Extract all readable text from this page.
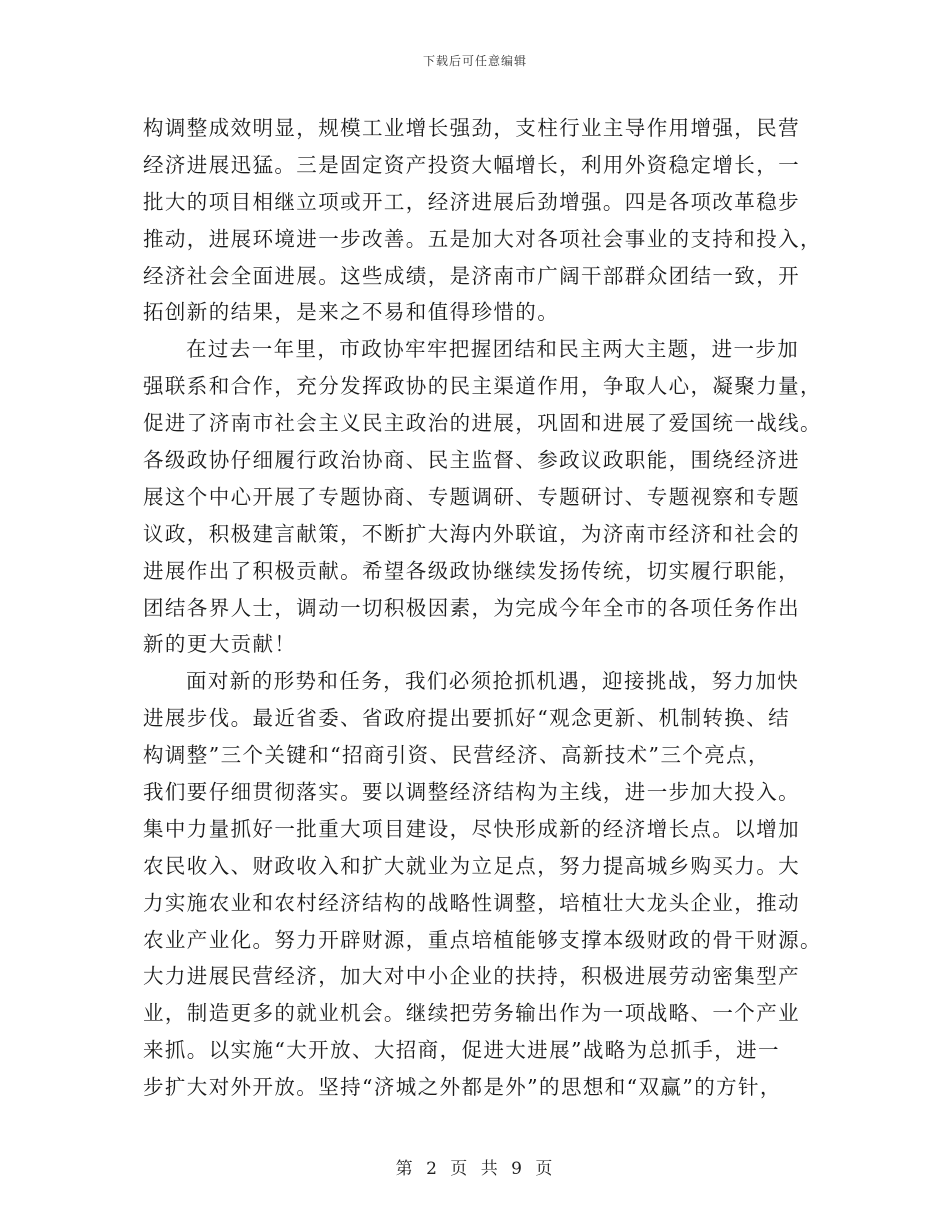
下载后可任意编辑
构调整成效明显，规模工业增长强劲，支柱行业主导作用增强，民营
经济进展迅猛。三是固定资产投资大幅增长，利用外资稳定增长，一
批大的项目相继立项或开工，经济进展后劲增强。四是各项改革稳步
推动，进展环境进一步改善。五是加大对各项社会事业的支持和投入，
经济社会全面进展。这些成绩，是济南市广阔干部群众团结一致，开
拓创新的结果，是来之不易和值得珍惜的。
在过去一年里，市政协牢牢把握团结和民主两大主题，进一步加
强联系和合作，充分发挥政协的民主渠道作用，争取人心，凝聚力量，
促进了济南市社会主义民主政治的进展，巩固和进展了爱国统一战线。
各级政协仔细履行政治协商、民主监督、参政议政职能，围绕经济进
展这个中心开展了专题协商、专题调研、专题研讨、专题视察和专题
议政，积极建言献策，不断扩大海内外联谊，为济南市经济和社会的
进展作出了积极贡献。希望各级政协继续发扬传统，切实履行职能，
团结各界人士，调动一切积极因素，为完成今年全市的各项任务作出
新的更大贡献！
面对新的形势和任务，我们必须抢抓机遇，迎接挑战，努力加快
进展步伐。最近省委、省政府提出要抓好“观念更新、机制转换、结
构调整”三个关键和“招商引资、民营经济、高新技术”三个亮点，
我们要仔细贯彻落实。要以调整经济结构为主线，进一步加大投入。
集中力量抓好一批重大项目建设，尽快形成新的经济增长点。以增加
农民收入、财政收入和扩大就业为立足点，努力提高城乡购买力。大
力实施农业和农村经济结构的战略性调整，培植壮大龙头企业，推动
农业产业化。努力开辟财源，重点培植能够支撑本级财政的骨干财源。
大力进展民营经济，加大对中小企业的扶持，积极进展劳动密集型产
业，制造更多的就业机会。继续把劳务输出作为一项战略、一个产业
来抓。以实施“大开放、大招商，促进大进展”战略为总抓手，进一
步扩大对外开放。坚持“济城之外都是外”的思想和“双赢”的方针，
第 2 页 共 9 页
